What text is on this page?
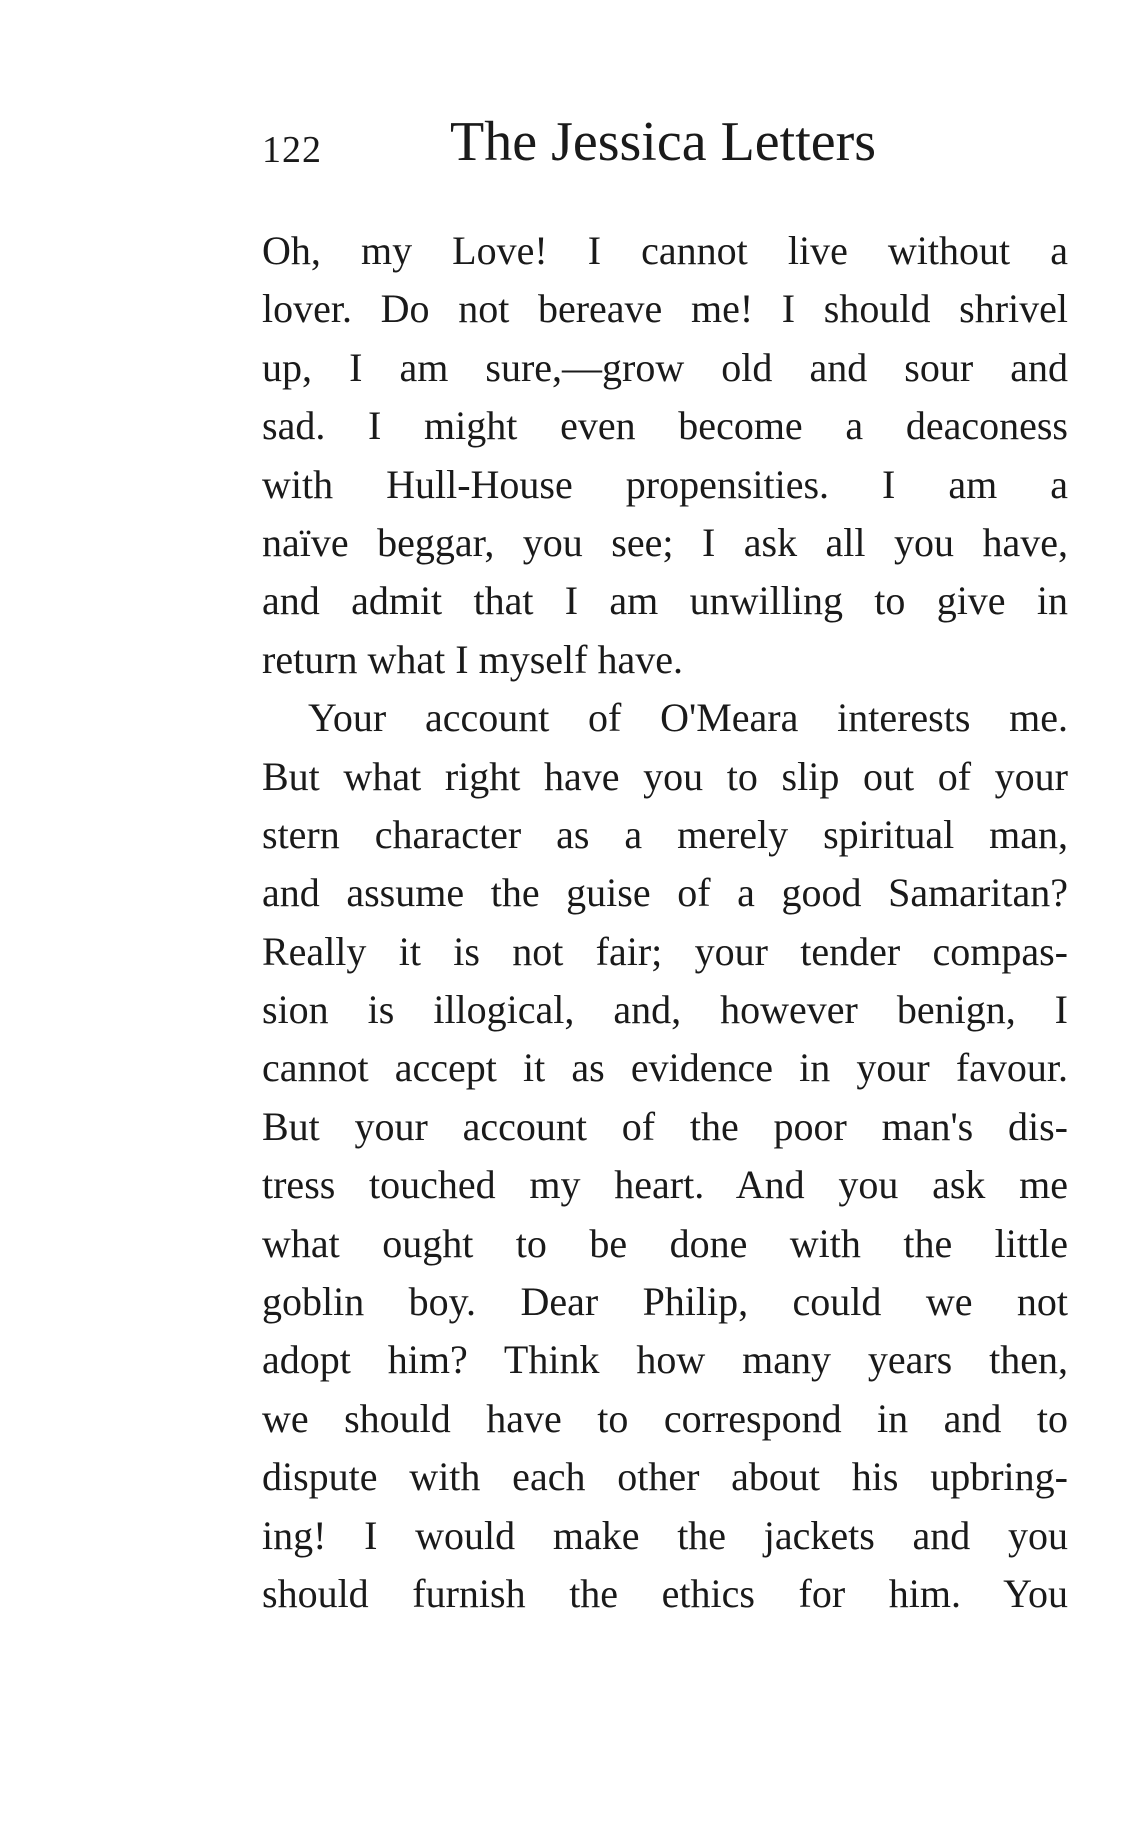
122 The Jessica Letters
Oh, my Love! I cannot live without a
lover. Do not bereave me! I should shrivel
up, I am sure,—grow old and sour and
sad. I might even become a deaconess
with Hull-House propensities. I am a
naïve beggar, you see; I ask all you have,
and admit that I am unwilling to give in
return what I myself have.
Your account of O'Meara interests me.
But what right have you to slip out of your
stern character as a merely spiritual man,
and assume the guise of a good Samaritan?
Really it is not fair; your tender compas-
sion is illogical, and, however benign, I
cannot accept it as evidence in your favour.
But your account of the poor man's dis-
tress touched my heart. And you ask me
what ought to be done with the little
goblin boy. Dear Philip, could we not
adopt him? Think how many years then,
we should have to correspond in and to
dispute with each other about his upbring-
ing! I would make the jackets and you
should furnish the ethics for him. You
